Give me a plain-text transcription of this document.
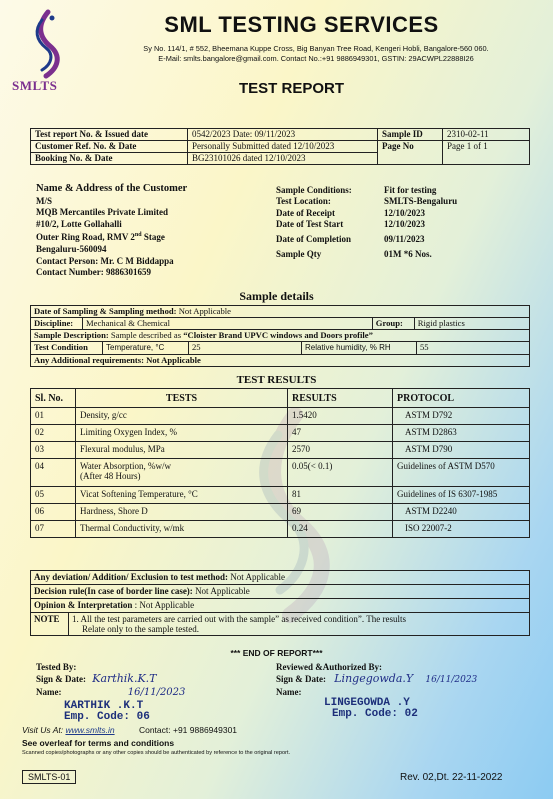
SMLTS
SML TESTING SERVICES
Sy No. 114/1, # 552, Bheemana Kuppe Cross, Big Banyan Tree Road, Kengeri Hobli, Bangalore-560 060.
E-Mail: smlts.bangalore@gmail.com. Contact No.:+91 9886949301, GSTIN: 29ACWPL22888I26
TEST REPORT
Test report No. & Issued date	0542/2023 Date: 09/11/2023	Sample ID	2310-02-11
Customer Ref. No. & Date	Personally Submitted dated 12/10/2023	Page No	Page 1 of 1
Booking No. & Date	BG23101026 dated 12/10/2023		
Name & Address of the Customer
M/S
MQB Mercantiles Private Limited
#10/2, Lotte Gollahalli
Outer Ring Road, RMV 2nd Stage
Bengaluru-560094
Contact Person: Mr. C M Biddappa
Contact Number: 9886301659
Sample Conditions:	Fit for testing
Test Location:	SMLTS-Bengaluru
Date of Receipt	12/10/2023
Date of Test Start	12/10/2023
Date of Completion	09/11/2023
Sample Qty	01M *6 Nos.
Sample details
Date of Sampling & Sampling method: Not Applicable
Discipline:	Mechanical & Chemical	Group:	Rigid plastics
Sample Description: Sample described as “Cloister Brand UPVC windows and Doors profile”

Test Condition	Temperature, °C	25	Relative humidity, % RH	55

Any Additional requirements: Not Applicable
TEST RESULTS
Sl. No.	TESTS	RESULTS	PROTOCOL
01	Density, g/cc	1.5420	ASTM D792
02	Limiting Oxygen Index, %	47	ASTM D2863
03	Flexural modulus, MPa	2570	ASTM D790
04	Water Absorption, %w/w
(After 48 Hours)	0.05(< 0.1)	Guidelines of ASTM D570
05	Vicat Softening Temperature, °C	81	Guidelines of IS 6307-1985
06	Hardness, Shore D	69	ASTM D2240
07	Thermal Conductivity, w/mk	0.24	ISO 22007-2
Any deviation/ Addition/ Exclusion to test method: Not Applicable
Decision rule(In case of border line case): Not Applicable
Opinion & Interpretation : Not Applicable
NOTE	1. All the test parameters are carried out with the sample” as received condition”. The results
Relate only to the sample tested.
*** END OF REPORT***
Tested By:
Sign & Date: Karthik.K.T
Name:	16/11/2023
KARTHIK .K.T
Emp. Code: 06
Reviewed &Authorized By:
Sign & Date: Lingegowda.Y 16/11/2023
Name:
LINGEGOWDA .Y
Emp. Code: 02
Visit Us At: www.smlts.in	Contact: +91 9886949301
See overleaf for terms and conditions
Scanned copies/photographs or any other copies should be authenticated by reference to the original report.
SMLTS-01	Rev. 02,Dt. 22-11-2022
